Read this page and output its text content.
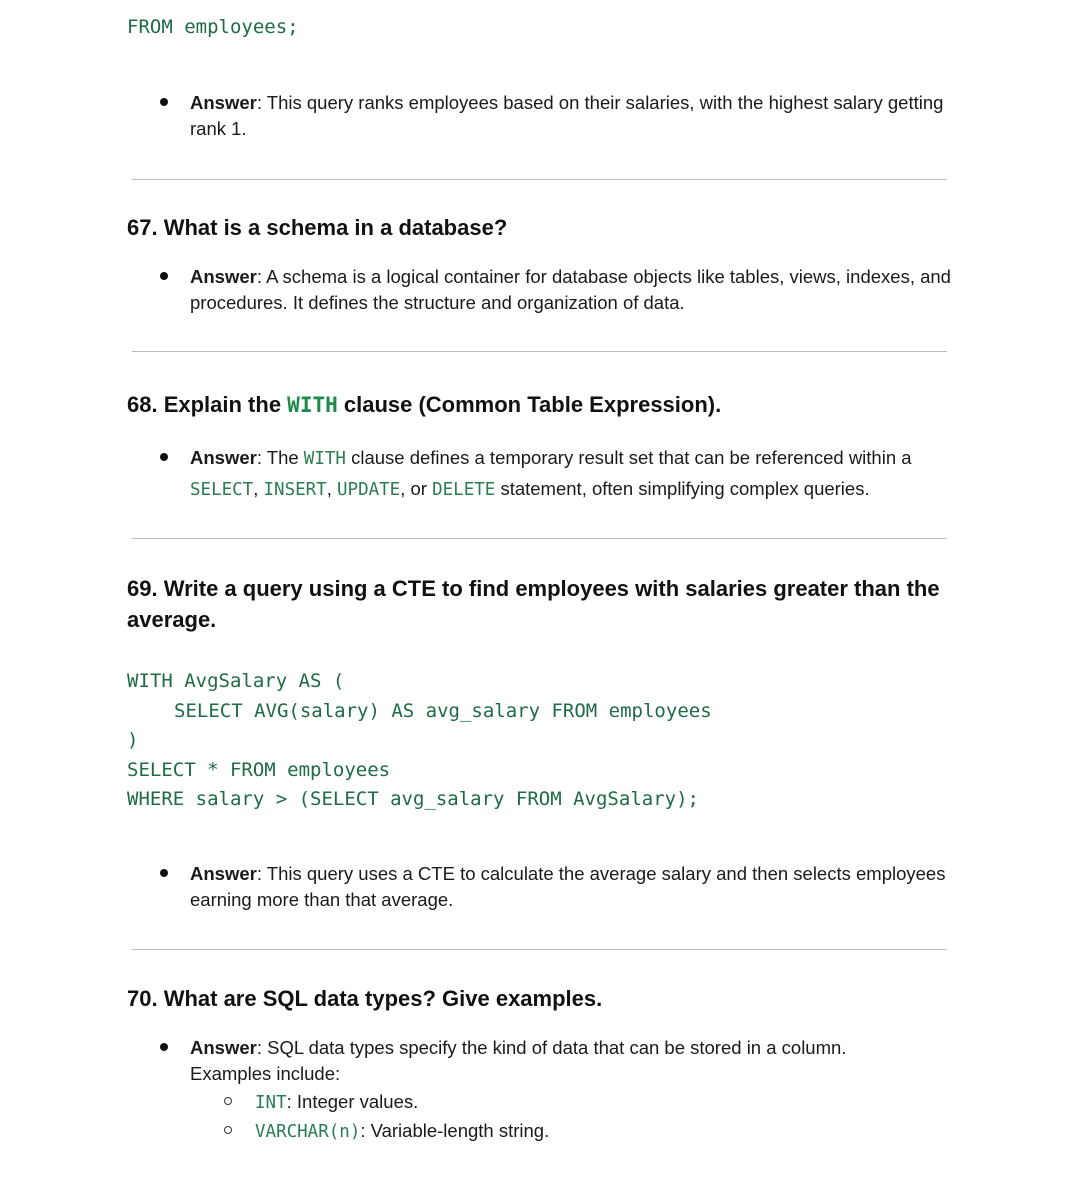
FROM employees;
Answer: This query ranks employees based on their salaries, with the highest salary getting rank 1.
67. What is a schema in a database?
Answer: A schema is a logical container for database objects like tables, views, indexes, and procedures. It defines the structure and organization of data.
68. Explain the WITH clause (Common Table Expression).
Answer: The WITH clause defines a temporary result set that can be referenced within a SELECT, INSERT, UPDATE, or DELETE statement, often simplifying complex queries.
69. Write a query using a CTE to find employees with salaries greater than the average.
WITH AvgSalary AS (
SELECT AVG(salary) AS avg_salary FROM employees
)
SELECT * FROM employees
WHERE salary > (SELECT avg_salary FROM AvgSalary);
Answer: This query uses a CTE to calculate the average salary and then selects employees earning more than that average.
70. What are SQL data types? Give examples.
Answer: SQL data types specify the kind of data that can be stored in a column. Examples include:
INT: Integer values.
VARCHAR(n): Variable-length string.
